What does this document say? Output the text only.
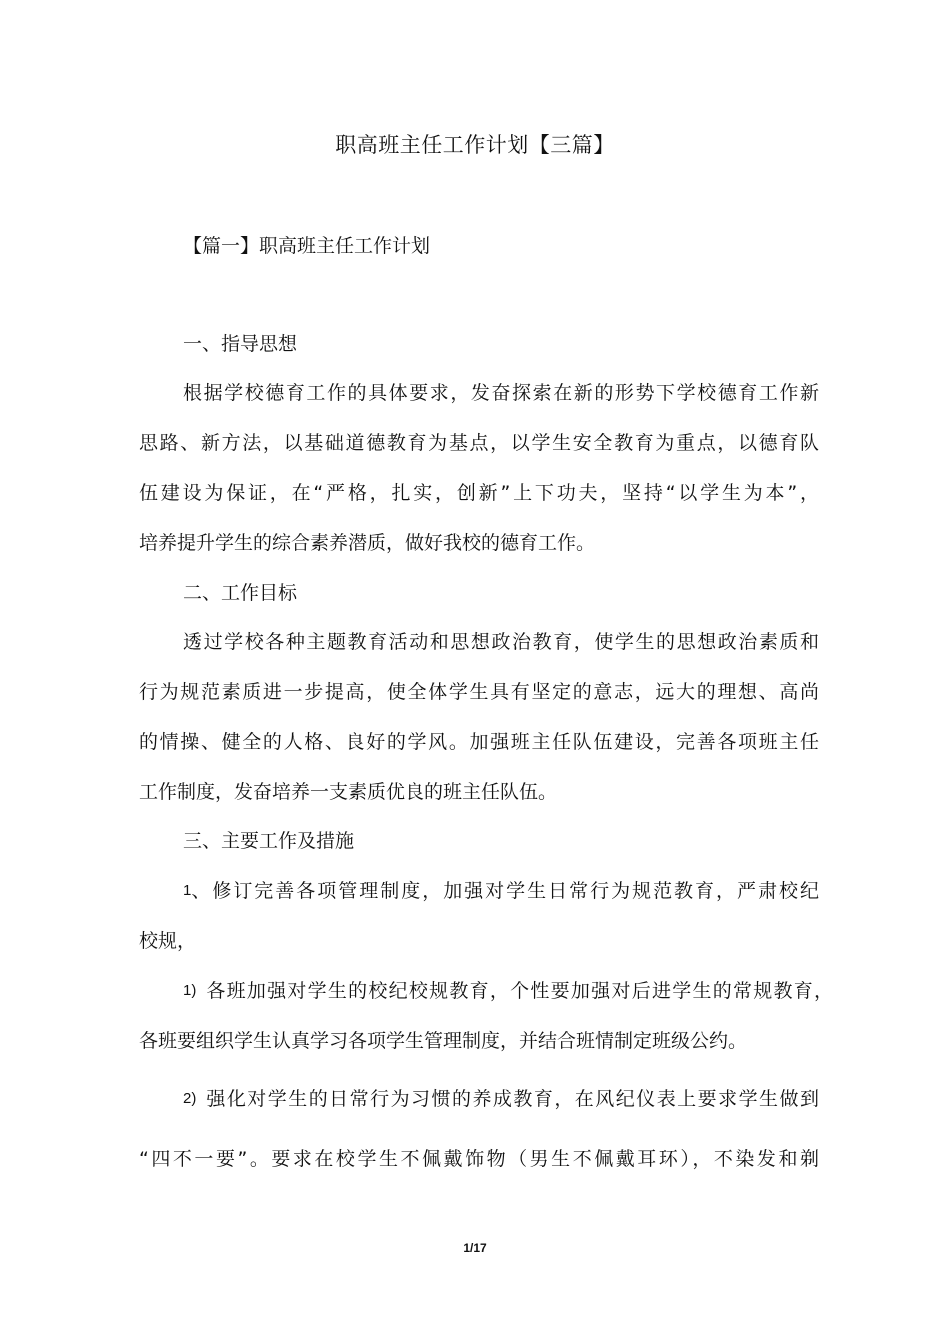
职高班主任工作计划【三篇】
【篇一】职高班主任工作计划
一、指导思想
根据学校德育工作的具体要求，发奋探索在新的形势下学校德育工作新
思路、新方法，以基础道德教育为基点，以学生安全教育为重点，以德育队
伍建设为保证，在“严格，扎实，创新”上下功夫，坚持“以学生为本”，
培养提升学生的综合素养潜质，做好我校的德育工作。
二、工作目标
透过学校各种主题教育活动和思想政治教育，使学生的思想政治素质和
行为规范素质进一步提高，使全体学生具有坚定的意志，远大的理想、高尚
的情操、健全的人格、良好的学风。加强班主任队伍建设，完善各项班主任
工作制度，发奋培养一支素质优良的班主任队伍。
三、主要工作及措施
1 、修订完善各项管理制度，加强对学生日常行为规范教育，严肃校纪
校规，
1) 各班加强对学生的校纪校规教育，个性要加强对后进学生的常规教育，
各班要组织学生认真学习各项学生管理制度，并结合班情制定班级公约。
2) 强化对学生的日常行为习惯的养成教育，在风纪仪表上要求学生做到
“四不一要”。要求在校学生不佩戴饰物（男生不佩戴耳环），不染发和剃
1/17
